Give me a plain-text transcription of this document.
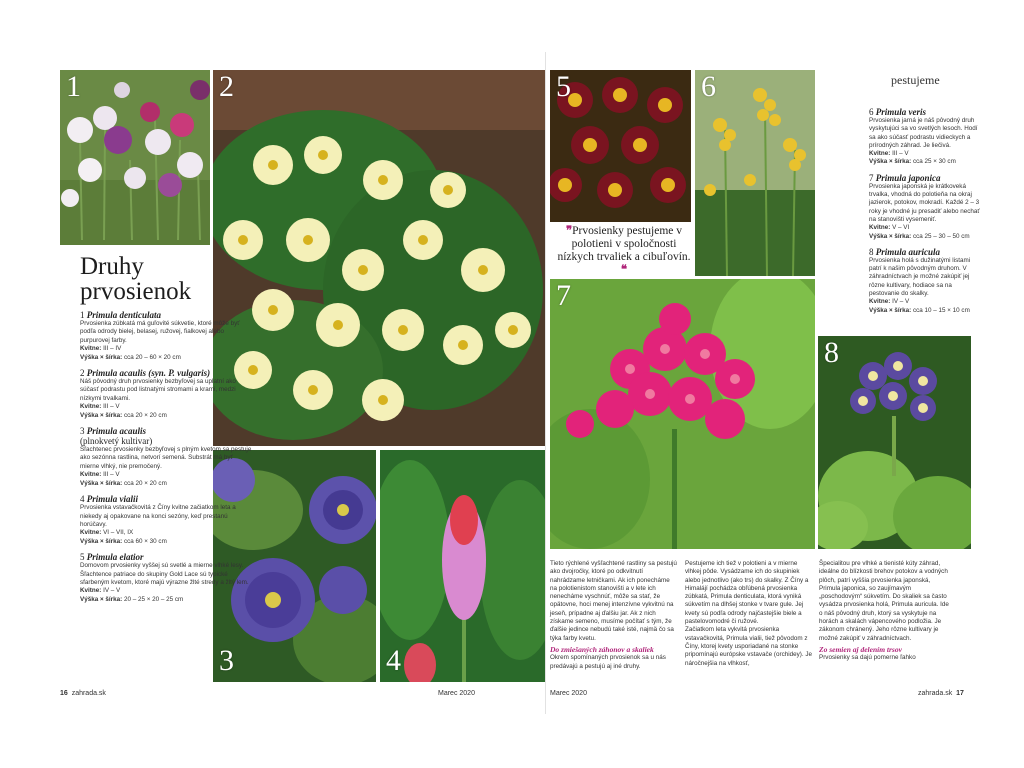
1	2
3	4
Druhy
prvosienok
1 Primula denticulata
Prvosienka zúbkatá má guľovité súkvetie, ktoré môže byť podľa odrody bielej, belasej, ružovej, fialkovej alebo purpurovej farby.
Kvitne: III – IV
Výška × šírka: cca 20 – 60 × 20 cm
2 Primula acaulis (syn. P. vulgaris)
Náš pôvodný druh prvosienky bezbyľovej sa uplatní ako súčasť podrastu pod listnatými stromami a krami, medzi nízkymi trvalkami.
Kvitne: III – V
Výška × šírka: cca 20 × 20 cm
3 Primula acaulis
(plnokvetý kultivar)
Šľachtenec prvosienky bezbyľovej s plným kvetom sa pestuje ako sezónna rastlina, netvorí semená. Substrát má byť mierne vlhký, nie premočený.
Kvitne: III – V
Výška × šírka: cca 20 × 20 cm
4 Primula vialii
Prvosienka vstavačkovitá z Číny kvitne začiatkom leta a niekedy aj opakovane na konci sezóny, keď prestanú horúčavy.
Kvitne: VI – VII, IX
Výška × šírka: cca 60 × 30 cm
5 Primula elatior
Domovom prvosienky vyššej sú svetlé a mierne vlhké lesy. Šľachtence patriace do skupiny Gold Lace sú typické sfarbeným kvetom, ktoré majú výrazne žlté stredy a žltý lem.
Kvitne: IV – V
Výška × šírka: 20 – 25 × 20 – 25 cm
16 zahrada.sk	Marec 2020
5
❞Prvosienky pestujeme v polotieni v spoločnosti nízkych trvaliek a cibuľovín. ❝
6
7
8
pestujeme
6 Primula veris
Prvosienka jarná je náš pôvodný druh vyskytujúci sa vo svetlých lesoch. Hodí sa ako súčasť podrastu vidieckych a prírodných záhrad. Je liečivá.
Kvitne: III – V
Výška × šírka: cca 25 × 30 cm
7 Primula japonica
Prvosienka japonská je krátkoveká trvalka, vhodná do polotieňa na okraj jazierok, potokov, mokradí. Každé 2 – 3 roky je vhodné ju presadiť alebo nechať na stanovišti vysemeniť.
Kvitne: V – VI
Výška × šírka: cca 25 – 30 – 50 cm
8 Primula auricula
Prvosienka holá s dužinatými listami patrí k našim pôvodným druhom. V záhradníctvach je možné zakúpiť jej rôzne kultivary, hodiace sa na pestovanie do skalky.
Kvitne: IV – V
Výška × šírka: cca 10 – 15 × 10 cm
Tieto rýchlené vyšľachtené rastliny sa pestujú ako dvojročky, ktoré po odkvitnutí nahrádzame letničkami. Ak ich ponecháme na polotienistom stanovišti a v lete ich nenecháme vyschnúť, môže sa stať, že opätovne, hoci menej intenzívne vykvitnú na jeseň, prípadne aj ďalšiu jar. Ak z nich získame semeno, musíme počítať s tým, že ďalšie jedince nebudú také isté, najmä čo sa týka farby kvetu.
Do zmiešaných záhonov a skaliek
Okrem spomínaných prvosienok sa u nás predávajú a pestujú aj iné druhy.
Pestujeme ich tiež v polotieni a v mierne vlhkej pôde. Vysádzame ich do skupiniek alebo jednotlivo (ako trs) do skalky. Z Číny a Himalájí pochádza obľúbená prvosienka zúbkatá, Primula denticulata, ktorá vyniká súkvetím na dlhšej stonke v tvare gule. Jej kvety sú podľa odrody najčastejšie biele a pastelovomodré či ružové.
Začiatkom leta vykvitá prvosienka vstavačkovitá, Primula vialii, tiež pôvodom z Číny, ktorej kvety usporiadané na stonke pripomínajú európske vstavače (orchidey). Je náročnejšia na vlhkosť,
Špecialitou pre vlhké a tienisté kúty záhrad, ideálne do blízkosti brehov potokov a vodných plôch, patrí vyššia prvosienka japonská, Primula japonica, so zaujímavým „poschodovým“ súkvetím. Do skaliek sa často vysádza prvosienka holá, Primula auricula. Ide o náš pôvodný druh, ktorý sa vyskytuje na horách a skalách vápencového podložia. Je zákonom chránený. Jeho rôzne kultivary je možné zakúpiť v záhradníctvach.
Zo semien aj delením trsov
Prvosienky sa dajú pomerne ľahko
Marec 2020	zahrada.sk 17
